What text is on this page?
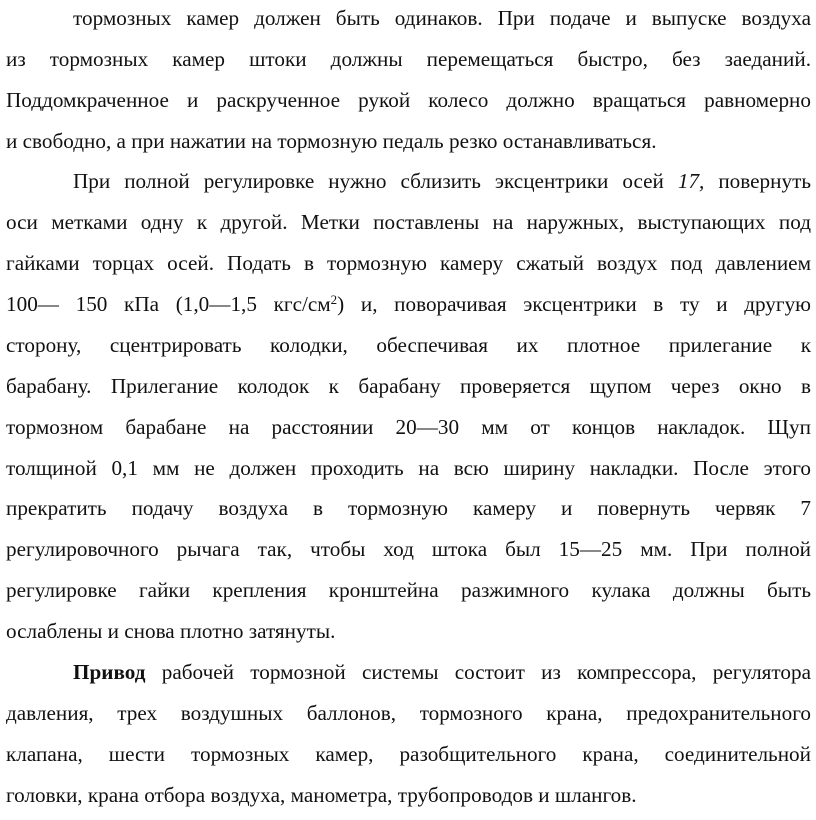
тормозных камер должен быть одинаков. При подаче и выпуске воздуха
из тормозных камер штоки должны перемещаться быстро, без заеданий.
Поддомкраченное и раскрученное рукой колесо должно вращаться равномерно
и свободно, а при нажатии на тормозную педаль резко останавливаться.
При полной регулировке нужно сблизить эксцентрики осей 17, повернуть
оси метками одну к другой. Метки поставлены на наружных, выступающих под
гайками торцах осей. Подать в тормозную камеру сжатый воздух под давлением
100— 150 кПа (1,0—1,5 кгс/$см^2$) и, поворачивая эксцентрики в ту и другую
сторону, сцентрировать колодки, обеспечивая их плотное прилегание к
барабану. Прилегание колодок к барабану проверяется щупом через окно в
тормозном барабане на расстоянии 20—30 мм от концов накладок. Щуп
толщиной 0,1 мм не должен проходить на всю ширину накладки. После этого
прекратить подачу воздуха в тормозную камеру и повернуть червяк 7
регулировочного рычага так, чтобы ход штока был 15—25 мм. При полной
регулировке гайки крепления кронштейна разжимного кулака должны быть
ослаблены и снова плотно затянуты.
Привод рабочей тормозной системы состоит из компрессора, регулятора
давления, трех воздушных баллонов, тормозного крана, предохранительного
клапана, шести тормозных камер, разобщительного крана, соединительной
головки, крана отбора воздуха, манометра, трубопроводов и шлангов.
